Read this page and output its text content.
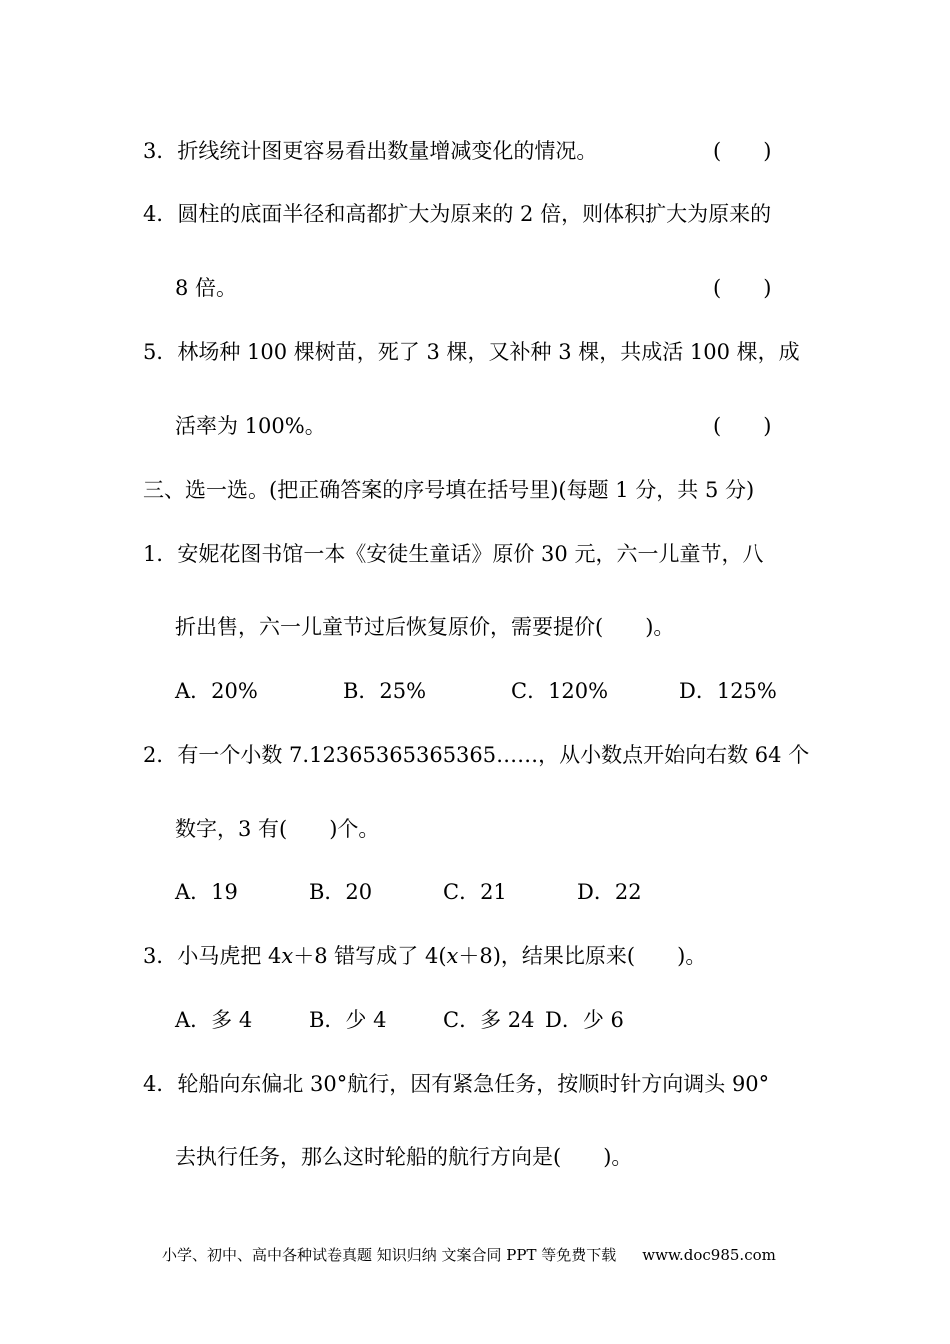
3．折线统计图更容易看出数量增减变化的情况。	(　　)
4．圆柱的底面半径和高都扩大为原来的 2 倍，则体积扩大为原来的
8 倍。	(　　)
5．林场种 100 棵树苗，死了 3 棵，又补种 3 棵，共成活 100 棵，成
活率为 100%。	(　　)
三、选一选。(把正确答案的序号填在括号里)(每题 1 分，共 5 分)
1．安妮花图书馆一本《安徒生童话》原价 30 元，六一儿童节，八
折出售，六一儿童节过后恢复原价，需要提价(　　)。
A．20%	B．25%	C．120%	D．125%
2．有一个小数 7.12365365365365……，从小数点开始向右数 64 个
数字，3 有(　　)个。
A．19	B．20	C．21	D．22
3．小马虎把 4x＋8 错写成了 4(x＋8)，结果比原来(　　)。
A．多 4	B．少 4	C．多 24 D．少 6
4．轮船向东偏北 30°航行，因有紧急任务，按顺时针方向调头 90°
去执行任务，那么这时轮船的航行方向是(　　)。
小学、初中、高中各种试卷真题 知识归纳 文案合同 PPT 等免费下载 www.doc985.com
